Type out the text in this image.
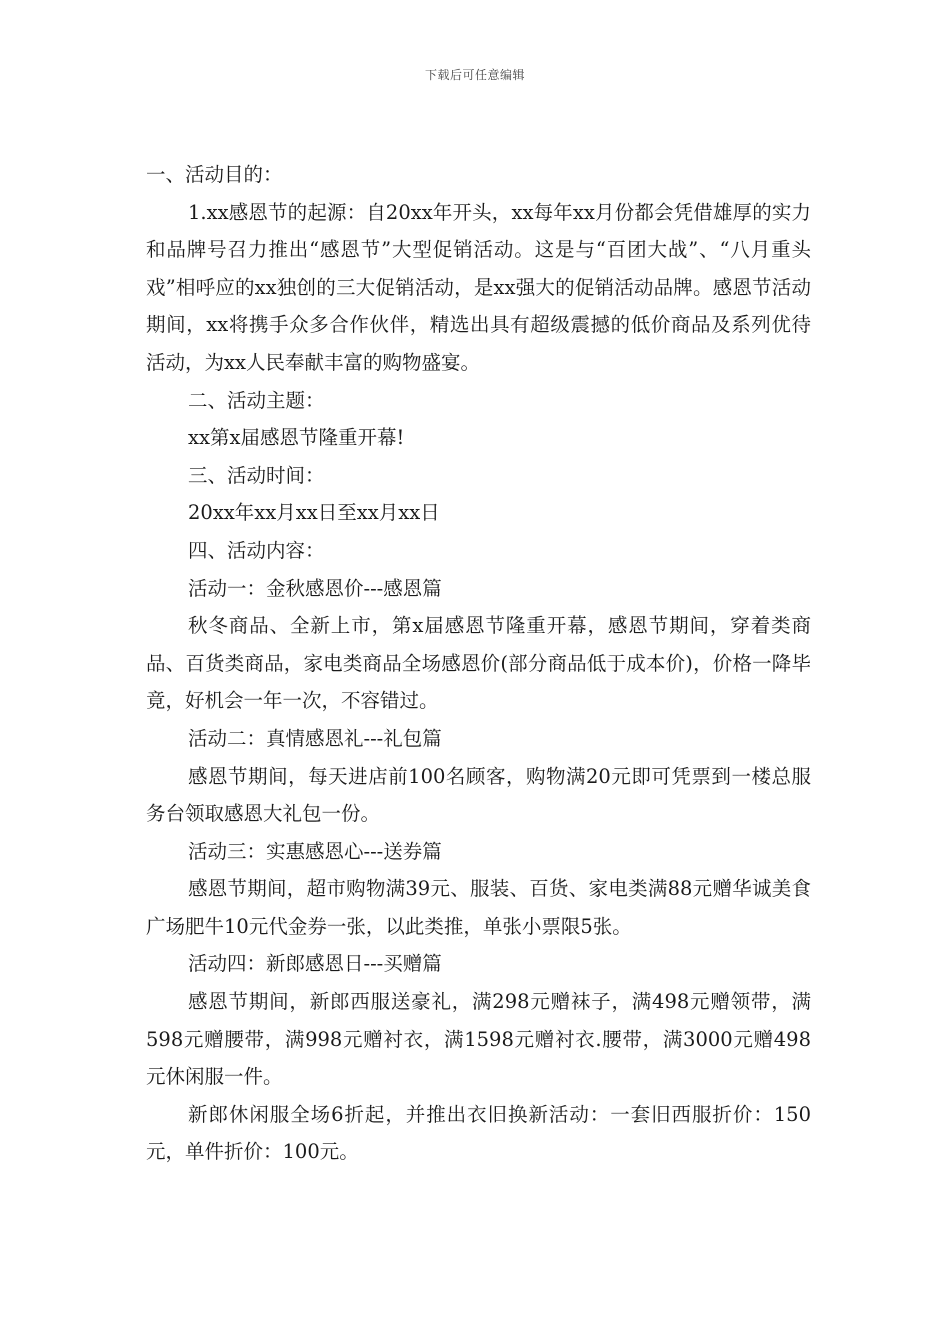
下载后可任意编辑

一、活动目的：

1.xx感恩节的起源：自20xx年开头，xx每年xx月份都会凭借雄厚的实力和品牌号召力推出“感恩节”大型促销活动。这是与“百团大战”、“八月重头戏”相呼应的xx独创的三大促销活动，是xx强大的促销活动品牌。感恩节活动期间，xx将携手众多合作伙伴，精选出具有超级震撼的低价商品及系列优待活动，为xx人民奉献丰富的购物盛宴。

二、活动主题：

xx第x届感恩节隆重开幕!

三、活动时间：

20xx年xx月xx日至xx月xx日

四、活动内容：

活动一：金秋感恩价---感恩篇

秋冬商品、全新上市，第x届感恩节隆重开幕，感恩节期间，穿着类商品、百货类商品，家电类商品全场感恩价(部分商品低于成本价)，价格一降毕竟，好机会一年一次，不容错过。

活动二：真情感恩礼---礼包篇

感恩节期间，每天进店前100名顾客，购物满20元即可凭票到一楼总服务台领取感恩大礼包一份。

活动三：实惠感恩心---送券篇

感恩节期间，超市购物满39元、服装、百货、家电类满88元赠华诚美食广场肥牛10元代金券一张，以此类推，单张小票限5张。

活动四：新郎感恩日---买赠篇

感恩节期间，新郎西服送豪礼，满298元赠袜子，满498元赠领带，满598元赠腰带，满998元赠衬衣，满1598元赠衬衣.腰带，满3000元赠498元休闲服一件。

新郎休闲服全场6折起，并推出衣旧换新活动：一套旧西服折价：150元，单件折价：100元。
